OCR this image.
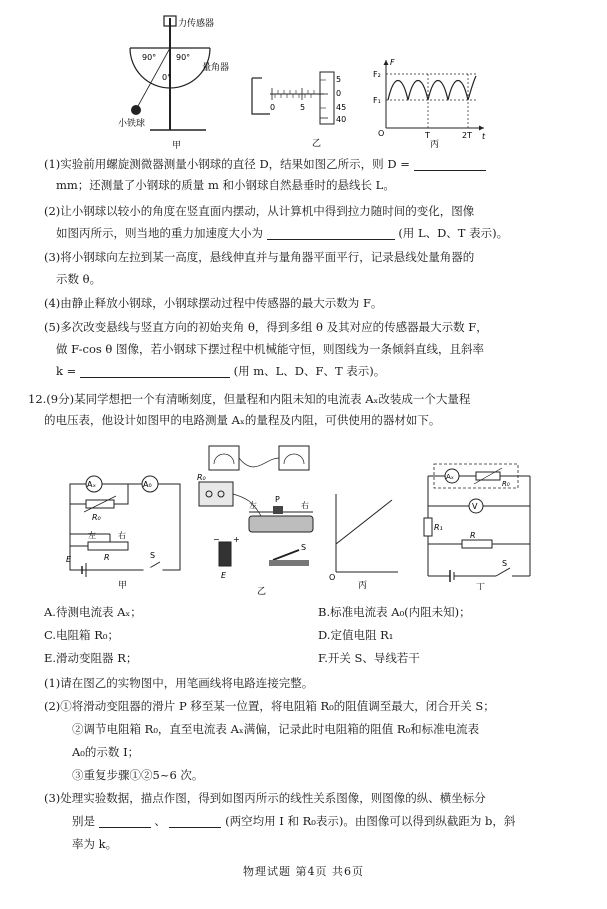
力传感器
量角器
小铁球
90° 90°
0°
甲
0	5
5
0
45
40
乙
F
t
F₂
F₁
O	T	2T
丙
(1)实验前用螺旋测微器测量小钢球的直径 D，结果如图乙所示，则 D =
mm；还测量了小钢球的质量 m 和小钢球自然悬垂时的悬线长 L。
(2)让小钢球以较小的角度在竖直面内摆动，从计算机中得到拉力随时间的变化，图像
如图丙所示，则当地的重力加速度大小为	(用 L、D、T 表示)。
(3)将小钢球向左拉到某一高度，悬线伸直并与量角器平面平行，记录悬线处量角器的
示数 θ。
(4)由静止释放小钢球，小钢球摆动过程中传感器的最大示数为 F。
(5)多次改变悬线与竖直方向的初始夹角 θ，得到多组 θ 及其对应的传感器最大示数 F，
做 F-cos θ 图像，若小钢球下摆过程中机械能守恒，则图线为一条倾斜直线，且斜率
k =	(用 m、L、D、F、T 表示)。
12.(9分)某同学想把一个有清晰刻度，但量程和内阻未知的电流表 Aₓ改装成一个大量程
的电压表，他设计如图甲的电路测量 Aₓ的量程及内阻，可供使用的器材如下。
Aₓ	A₀
R₀
左	右
E	R	S
甲
R₀
左
P
右
− +
E
S
乙
O
丙
Aₓ
R₀
V
R₁
R
S
丁
A.待测电流表 Aₓ；	B.标准电流表 A₀(内阻未知)；
C.电阻箱 R₀；	D.定值电阻 R₁
E.滑动变阻器 R；	F.开关 S、导线若干
(1)请在图乙的实物图中，用笔画线将电路连接完整。
(2)①将滑动变阻器的滑片 P 移至某一位置，将电阻箱 R₀的阻值调至最大，闭合开关 S；
②调节电阻箱 R₀，直至电流表 Aₓ满偏，记录此时电阻箱的阻值 R₀和标准电流表
A₀的示数 I；
③重复步骤①②5~6 次。
(3)处理实验数据，描点作图，得到如图丙所示的线性关系图像，则图像的纵、横坐标分
别是	、	(两空均用 I 和 R₀表示)。由图像可以得到纵截距为 b，斜
率为 k。
物理试题 第4页 共6页
